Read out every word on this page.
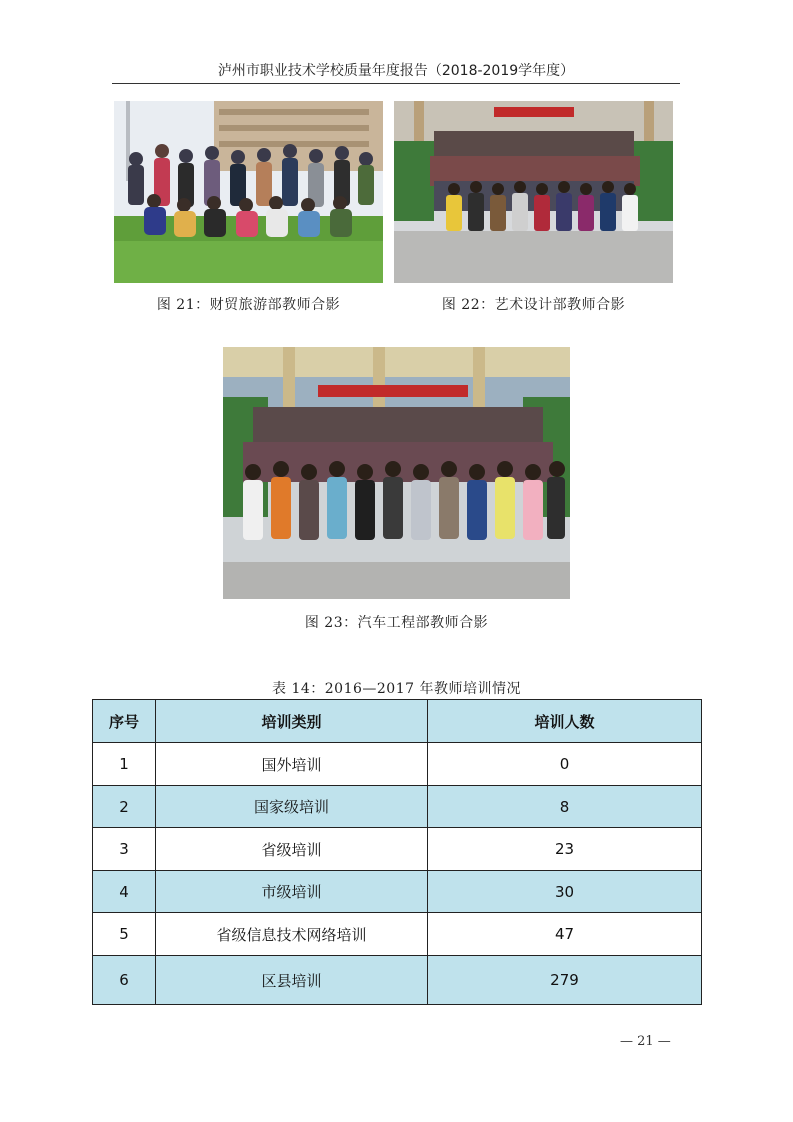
泸州市职业技术学校质量年度报告（2018-2019学年度）
图 21：财贸旅游部教师合影	图 22：艺术设计部教师合影
图 23：汽车工程部教师合影
表 14：2016—2017 年教师培训情况
序号	培训类别	培训人数
1	国外培训	0
2	国家级培训	8
3	省级培训	23
4	市级培训	30
5	省级信息技术网络培训	47
6	区县培训	279
— 21 —
